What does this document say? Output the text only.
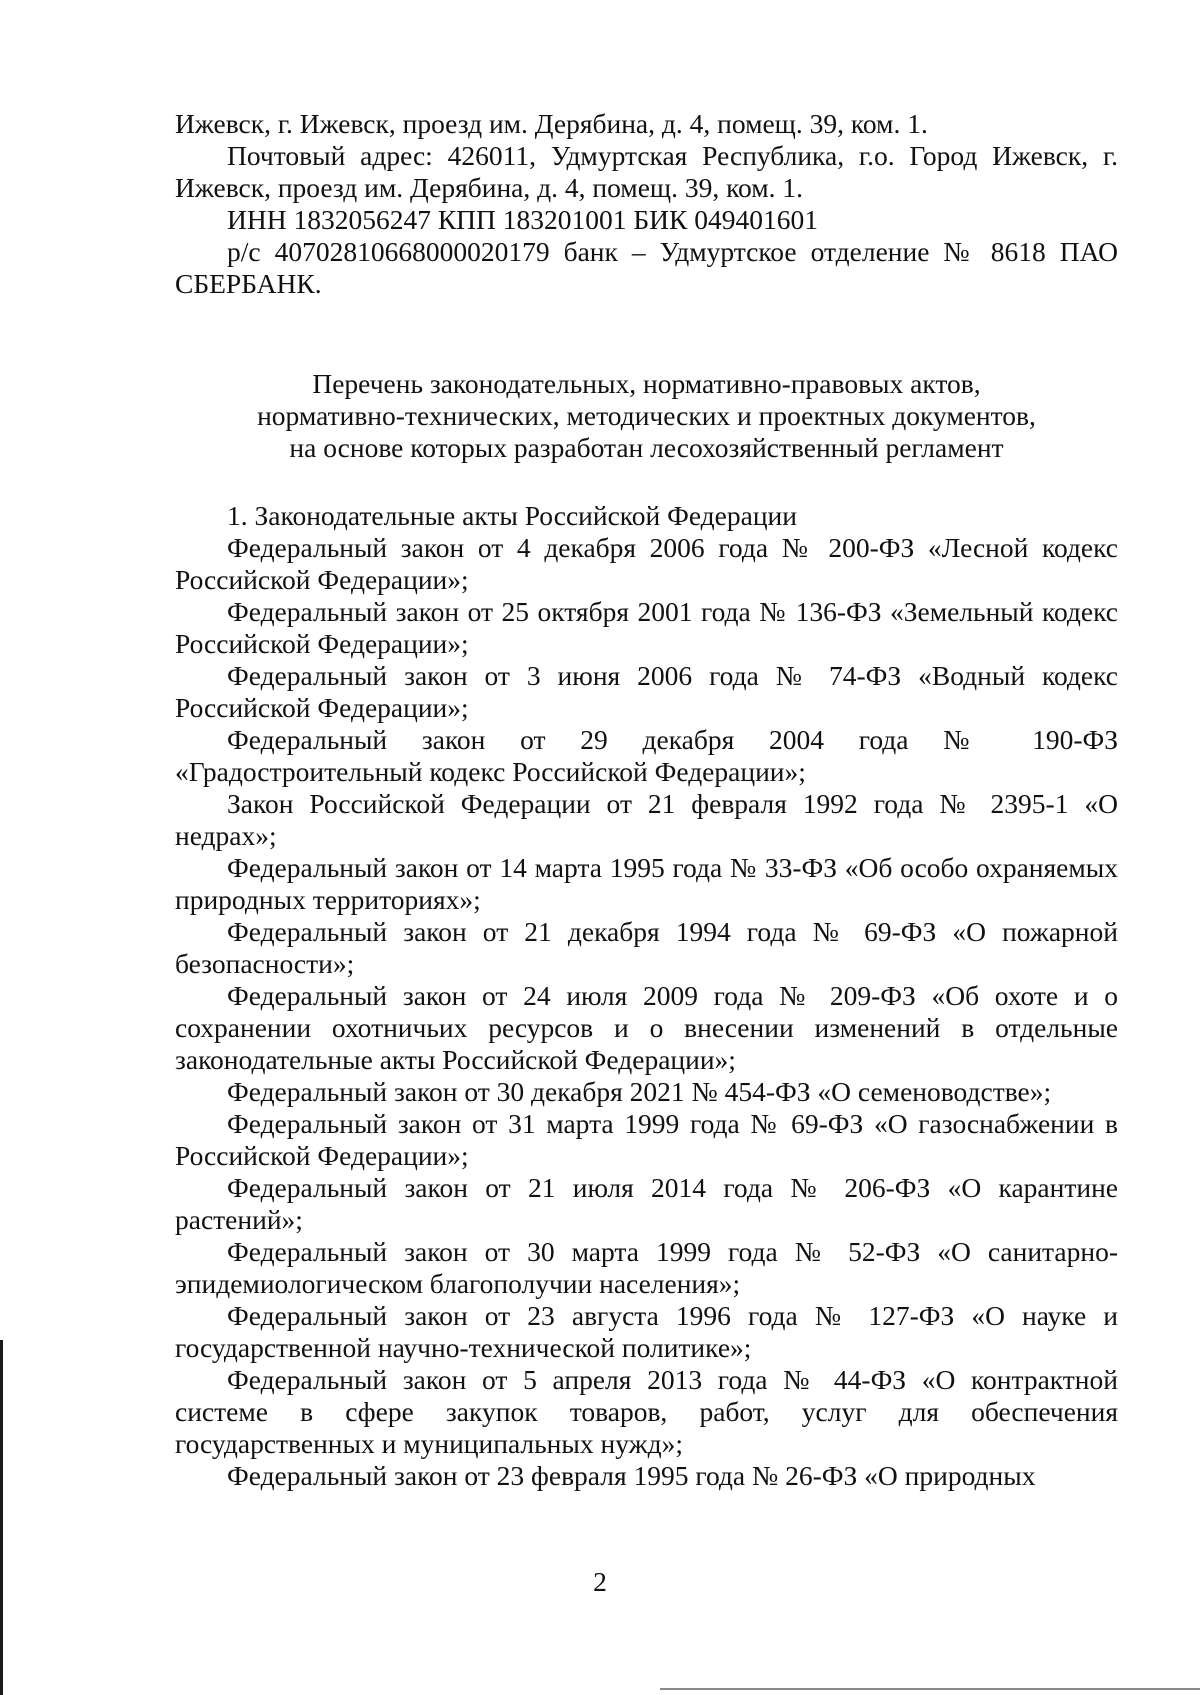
Ижевск, г. Ижевск, проезд им. Дерябина, д. 4, помещ. 39, ком. 1.

Почтовый адрес: 426011, Удмуртская Республика, г.о. Город Ижевск, г. Ижевск, проезд им. Дерябина, д. 4, помещ. 39, ком. 1.

ИНН 1832056247 КПП 183201001 БИК 049401601

р/с 40702810668000020179 банк – Удмуртское отделение № 8618 ПАО СБЕРБАНК.

Перечень законодательных, нормативно-правовых актов,
нормативно-технических, методических и проектных документов,
на основе которых разработан лесохозяйственный регламент

1. Законодательные акты Российской Федерации

Федеральный закон от 4 декабря 2006 года № 200-ФЗ «Лесной кодекс Российской Федерации»;

Федеральный закон от 25 октября 2001 года № 136-ФЗ «Земельный кодекс Российской Федерации»;

Федеральный закон от 3 июня 2006 года № 74-ФЗ «Водный кодекс Российской Федерации»;

Федеральный закон от 29 декабря 2004 года № 190-ФЗ «Градостроительный кодекс Российской Федерации»;

Закон Российской Федерации от 21 февраля 1992 года № 2395-1 «О недрах»;

Федеральный закон от 14 марта 1995 года № 33-ФЗ «Об особо охраняемых природных территориях»;

Федеральный закон от 21 декабря 1994 года № 69-ФЗ «О пожарной безопасности»;

Федеральный закон от 24 июля 2009 года № 209-ФЗ «Об охоте и о сохранении охотничьих ресурсов и о внесении изменений в отдельные законодательные акты Российской Федерации»;

Федеральный закон от 30 декабря 2021 № 454-ФЗ «О семеноводстве»;

Федеральный закон от 31 марта 1999 года № 69-ФЗ «О газоснабжении в Российской Федерации»;

Федеральный закон от 21 июля 2014 года № 206-ФЗ «О карантине растений»;

Федеральный закон от 30 марта 1999 года № 52-ФЗ «О санитарно-эпидемиологическом благополучии населения»;

Федеральный закон от 23 августа 1996 года № 127-ФЗ «О науке и государственной научно-технической политике»;

Федеральный закон от 5 апреля 2013 года № 44-ФЗ «О контрактной системе в сфере закупок товаров, работ, услуг для обеспечения государственных и муниципальных нужд»;

Федеральный закон от 23 февраля 1995 года № 26-ФЗ «О природных

2
